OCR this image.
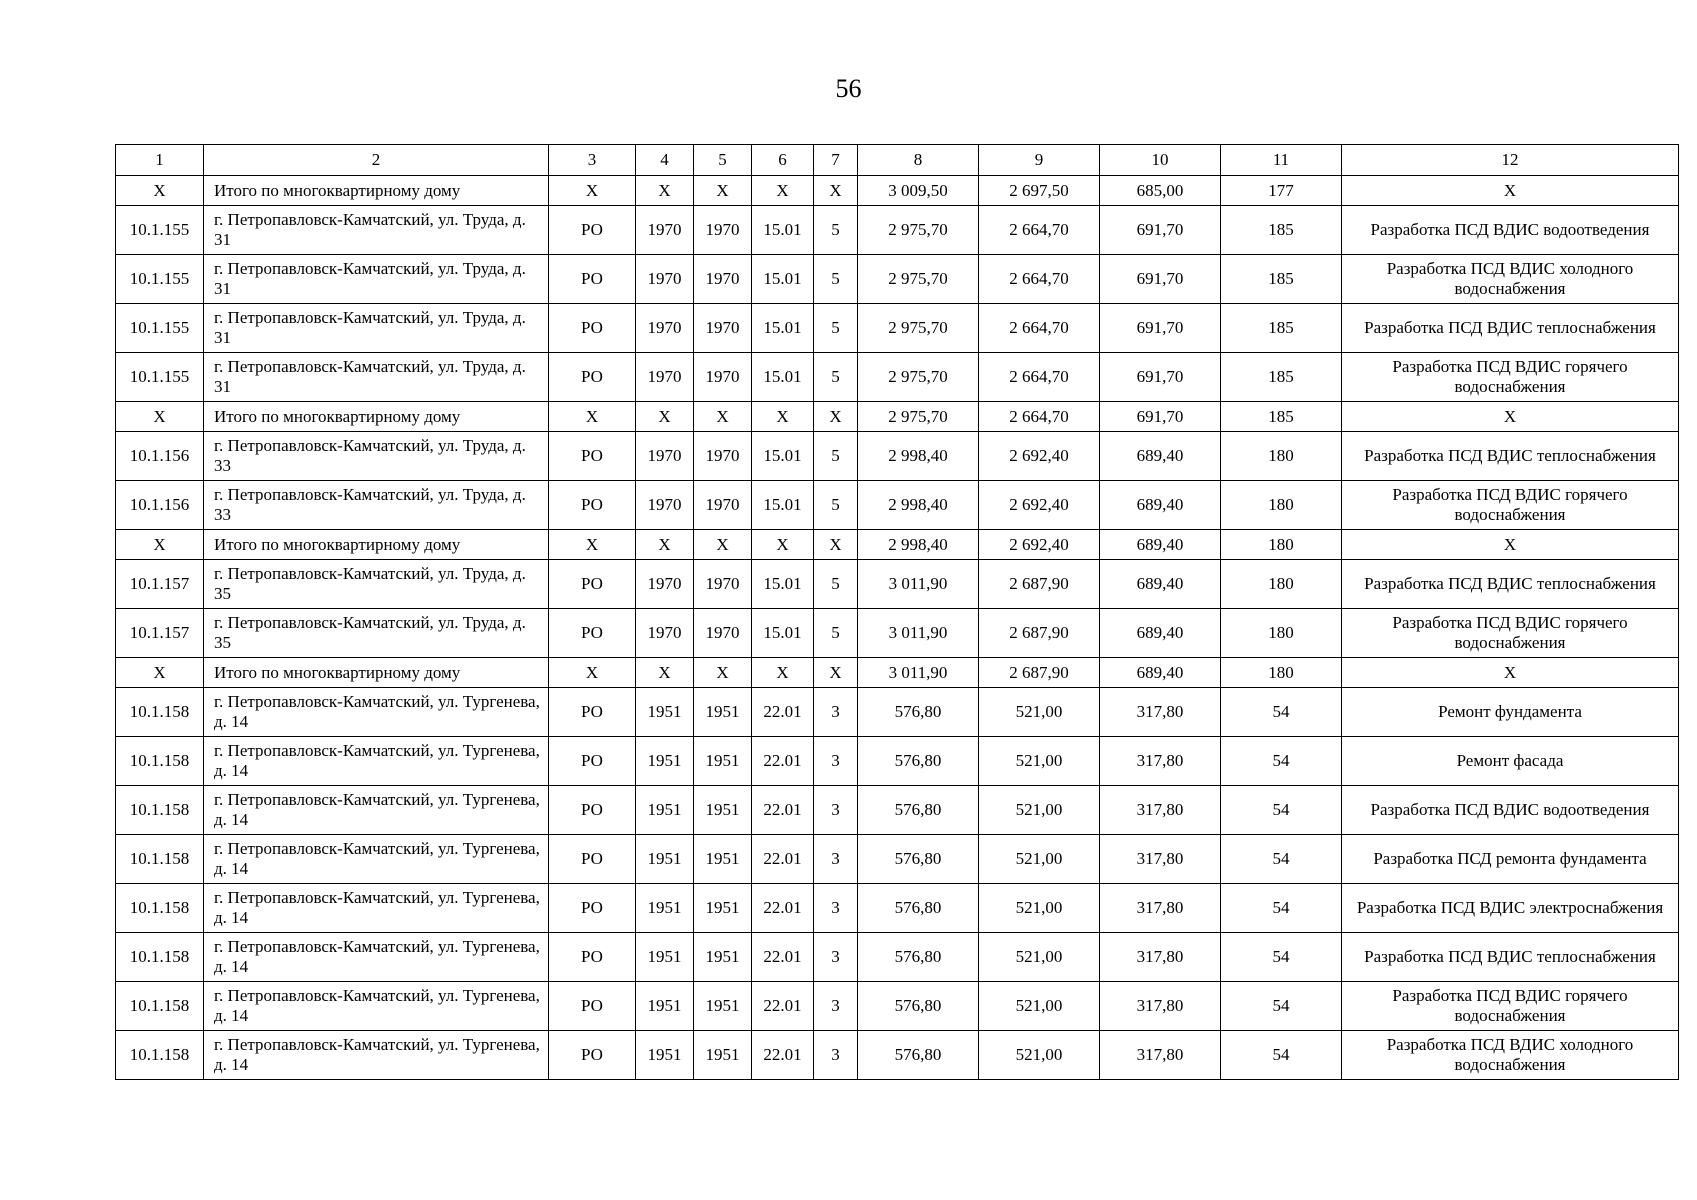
56
1	2	3	4	5	6	7	8	9	10	11	12
Х	Итого по многоквартирному дому	Х	Х	Х	Х	Х	3 009,50	2 697,50	685,00	177	Х
10.1.155	г. Петропавловск-Камчатский, ул. Труда, д. 31	РО	1970	1970	15.01	5	2 975,70	2 664,70	691,70	185	Разработка ПСД ВДИС водоотведения
10.1.155	г. Петропавловск-Камчатский, ул. Труда, д. 31	РО	1970	1970	15.01	5	2 975,70	2 664,70	691,70	185	Разработка ПСД ВДИС холодного водоснабжения
10.1.155	г. Петропавловск-Камчатский, ул. Труда, д. 31	РО	1970	1970	15.01	5	2 975,70	2 664,70	691,70	185	Разработка ПСД ВДИС теплоснабжения
10.1.155	г. Петропавловск-Камчатский, ул. Труда, д. 31	РО	1970	1970	15.01	5	2 975,70	2 664,70	691,70	185	Разработка ПСД ВДИС горячего водоснабжения
Х	Итого по многоквартирному дому	Х	Х	Х	Х	Х	2 975,70	2 664,70	691,70	185	Х
10.1.156	г. Петропавловск-Камчатский, ул. Труда, д. 33	РО	1970	1970	15.01	5	2 998,40	2 692,40	689,40	180	Разработка ПСД ВДИС теплоснабжения
10.1.156	г. Петропавловск-Камчатский, ул. Труда, д. 33	РО	1970	1970	15.01	5	2 998,40	2 692,40	689,40	180	Разработка ПСД ВДИС горячего водоснабжения
Х	Итого по многоквартирному дому	Х	Х	Х	Х	Х	2 998,40	2 692,40	689,40	180	Х
10.1.157	г. Петропавловск-Камчатский, ул. Труда, д. 35	РО	1970	1970	15.01	5	3 011,90	2 687,90	689,40	180	Разработка ПСД ВДИС теплоснабжения
10.1.157	г. Петропавловск-Камчатский, ул. Труда, д. 35	РО	1970	1970	15.01	5	3 011,90	2 687,90	689,40	180	Разработка ПСД ВДИС горячего водоснабжения
Х	Итого по многоквартирному дому	Х	Х	Х	Х	Х	3 011,90	2 687,90	689,40	180	Х
10.1.158	г. Петропавловск-Камчатский, ул. Тургенева, д. 14	РО	1951	1951	22.01	3	576,80	521,00	317,80	54	Ремонт фундамента
10.1.158	г. Петропавловск-Камчатский, ул. Тургенева, д. 14	РО	1951	1951	22.01	3	576,80	521,00	317,80	54	Ремонт фасада
10.1.158	г. Петропавловск-Камчатский, ул. Тургенева, д. 14	РО	1951	1951	22.01	3	576,80	521,00	317,80	54	Разработка ПСД ВДИС водоотведения
10.1.158	г. Петропавловск-Камчатский, ул. Тургенева, д. 14	РО	1951	1951	22.01	3	576,80	521,00	317,80	54	Разработка ПСД ремонта фундамента
10.1.158	г. Петропавловск-Камчатский, ул. Тургенева, д. 14	РО	1951	1951	22.01	3	576,80	521,00	317,80	54	Разработка ПСД ВДИС электроснабжения
10.1.158	г. Петропавловск-Камчатский, ул. Тургенева, д. 14	РО	1951	1951	22.01	3	576,80	521,00	317,80	54	Разработка ПСД ВДИС теплоснабжения
10.1.158	г. Петропавловск-Камчатский, ул. Тургенева, д. 14	РО	1951	1951	22.01	3	576,80	521,00	317,80	54	Разработка ПСД ВДИС горячего водоснабжения
10.1.158	г. Петропавловск-Камчатский, ул. Тургенева, д. 14	РО	1951	1951	22.01	3	576,80	521,00	317,80	54	Разработка ПСД ВДИС холодного водоснабжения
